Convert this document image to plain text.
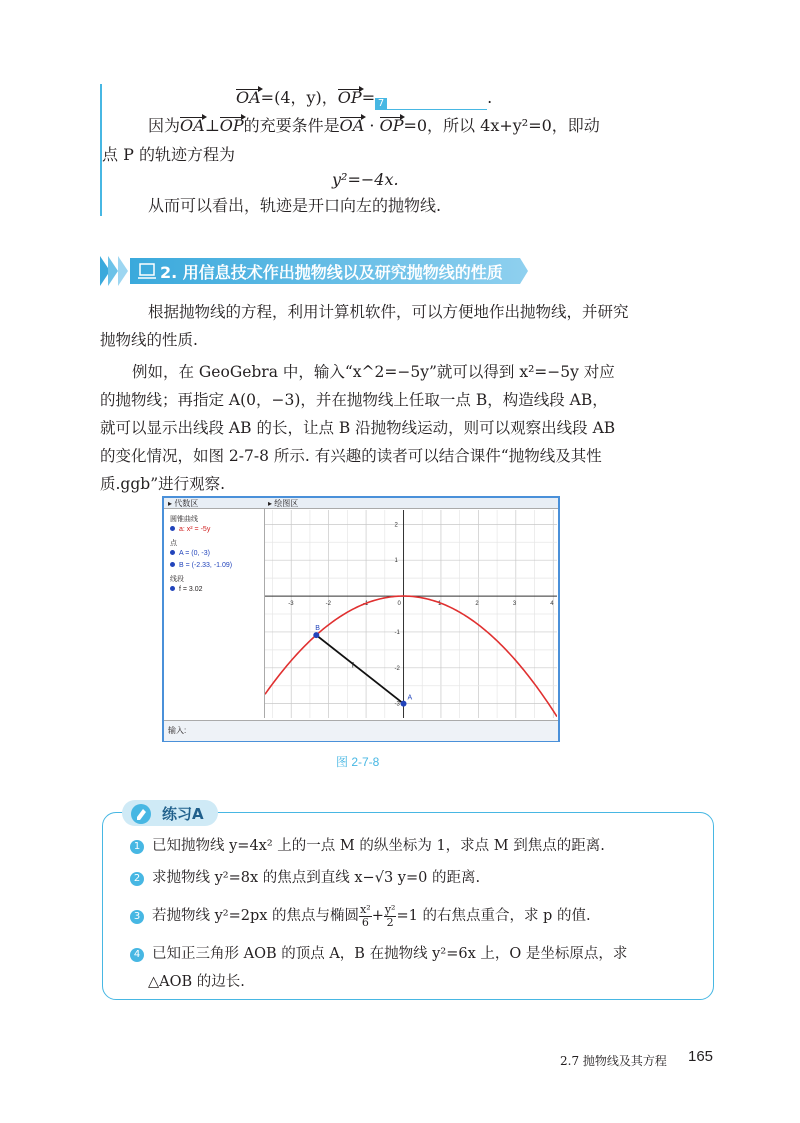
OA=(4，y)，OP= 7	.
因为OA⊥OP的充要条件是OA · OP=0，所以 4x+y²=0，即动
点 P 的轨迹方程为
y²=−4x.
从而可以看出，轨迹是开口向左的抛物线.
2. 用信息技术作出抛物线以及研究抛物线的性质
根据抛物线的方程，利用计算机软件，可以方便地作出抛物线，并研究
抛物线的性质.
例如，在 GeoGebra 中，输入“x^2=−5y”就可以得到 x²=−5y 对应
的抛物线；再指定 A(0，−3)，并在抛物线上任取一点 B，构造线段 AB，
就可以显示出线段 AB 的长，让点 B 沿抛物线运动，则可以观察出线段 AB
的变化情况，如图 2-7-8 所示. 有兴趣的读者可以结合课件“抛物线及其性
质.ggb”进行观察.
▸ 代数区
圆锥曲线
a: x² = -5y
点
A = (0, -3)
B = (-2.33, -1.09)
线段
f = 3.02
▸ 绘图区
-3	-2	-1	0	1	2	3	4
2
1
-1
-2
-3
A
B
f
输入:
图 2-7-8
练习A
1 已知抛物线 y=4x² 上的一点 M 的纵坐标为 1，求点 M 到焦点的距离.
2 求抛物线 y²=8x 的焦点到直线 x−√3 y=0 的距离.
3 若抛物线 y²=2px 的焦点与椭圆 $\frac{\text{x²}}{6} + \frac{\text{y²}}{2} =1$ 的右焦点重合，求 p 的值.
4 已知正三角形 AOB 的顶点 A，B 在抛物线 y²=6x 上，O 是坐标原点，求
△AOB 的边长.
2.7 抛物线及其方程 165
